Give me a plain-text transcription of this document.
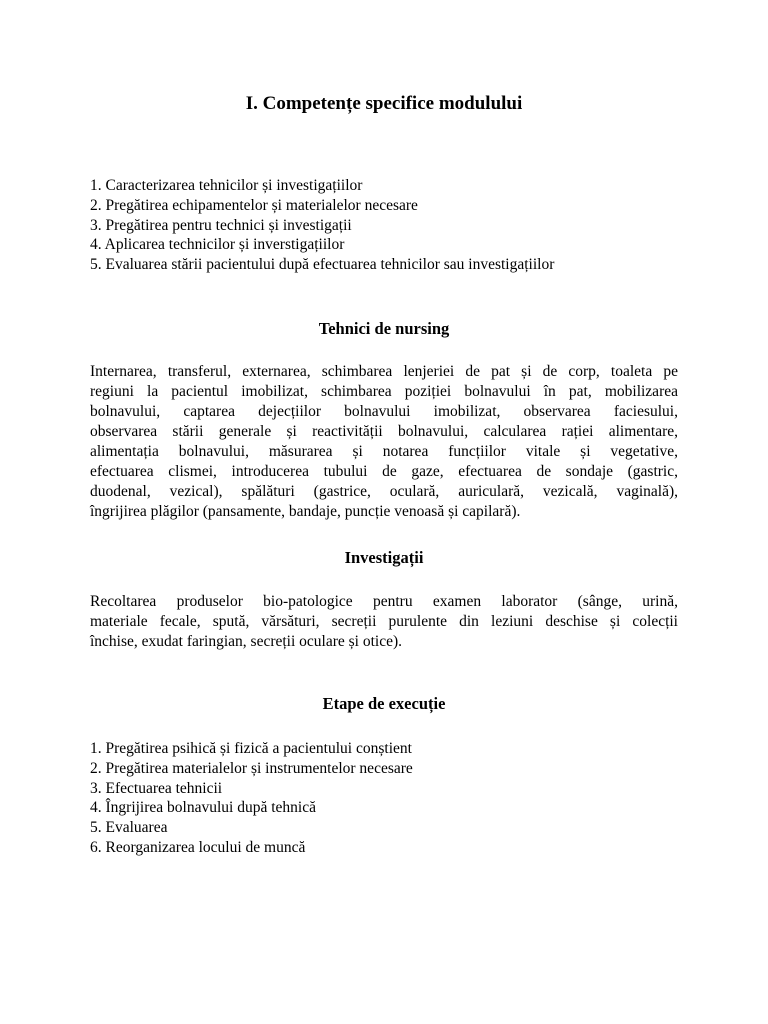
I. Competențe specifice modulului
1. Caracterizarea tehnicilor și investigațiilor
2. Pregătirea echipamentelor și materialelor necesare
3. Pregătirea pentru technici și investigații
4. Aplicarea technicilor și inverstigațiilor
5. Evaluarea stării pacientului după efectuarea tehnicilor sau investigațiilor
Tehnici de nursing
Internarea, transferul, externarea, schimbarea lenjeriei de pat și de corp, toaleta pe
regiuni la pacientul imobilizat, schimbarea poziției bolnavului în pat, mobilizarea
bolnavului, captarea dejecțiilor bolnavului imobilizat, observarea faciesului,
observarea stării generale și reactivității bolnavului, calcularea rației alimentare,
alimentația bolnavului, măsurarea și notarea funcțiilor vitale și vegetative,
efectuarea clismei, introducerea tubului de gaze, efectuarea de sondaje (gastric,
duodenal, vezical), spălături (gastrice, oculară, auriculară, vezicală, vaginală),
îngrijirea plăgilor (pansamente, bandaje, puncție venoasă și capilară).
Investigații
Recoltarea produselor bio-patologice pentru examen laborator (sânge, urină,
materiale fecale, spută, vărsături, secreții purulente din leziuni deschise și colecții
închise, exudat faringian, secreții oculare și otice).
Etape de execuție
1. Pregătirea psihică și fizică a pacientului conștient
2. Pregătirea materialelor și instrumentelor necesare
3. Efectuarea tehnicii
4. Îngrijirea bolnavului după tehnică
5. Evaluarea
6. Reorganizarea locului de muncă
